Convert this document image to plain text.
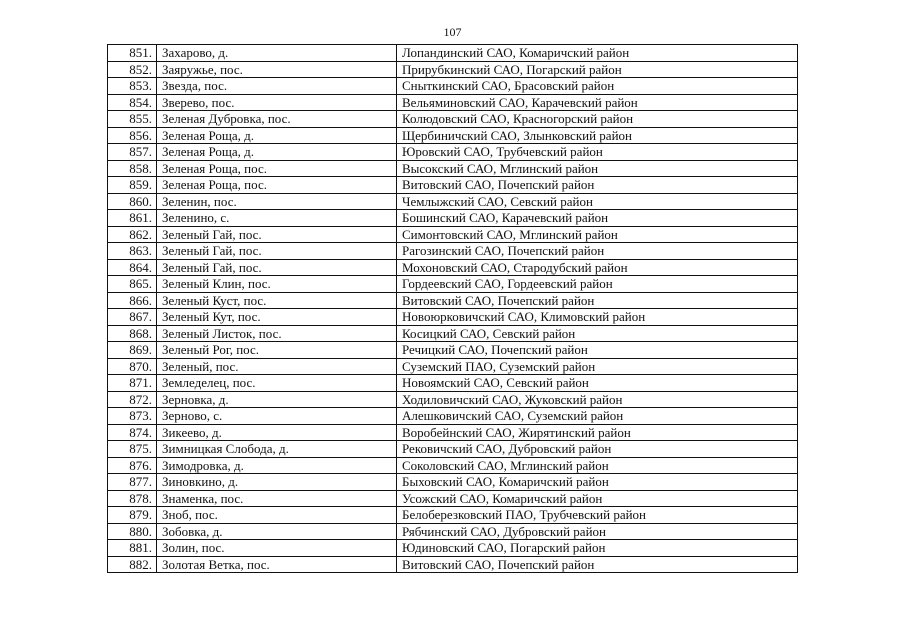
107
851.	Захарово, д.	Лопандинский САО, Комаричский район
852.	Заяружье, пос.	Прирубкинский САО, Погарский район
853.	Звезда, пос.	Сныткинский САО, Брасовский район
854.	Зверево, пос.	Вельяминовский САО, Карачевский район
855.	Зеленая Дубровка, пос.	Колюдовский САО, Красногорский район
856.	Зеленая Роща, д.	Щербиничский САО, Злынковский район
857.	Зеленая Роща, д.	Юровский САО, Трубчевский район
858.	Зеленая Роща, пос.	Высокский САО, Мглинский район
859.	Зеленая Роща, пос.	Витовский САО, Почепский район
860.	Зеленин, пос.	Чемлыжский САО, Севский район
861.	Зеленино, с.	Бошинский САО, Карачевский район
862.	Зеленый Гай, пос.	Симонтовский САО, Мглинский район
863.	Зеленый Гай, пос.	Рагозинский САО, Почепский район
864.	Зеленый Гай, пос.	Мохоновский САО, Стародубский район
865.	Зеленый Клин, пос.	Гордеевский САО, Гордеевский район
866.	Зеленый Куст, пос.	Витовский САО, Почепский район
867.	Зеленый Кут, пос.	Новоюрковичский САО, Климовский район
868.	Зеленый Листок, пос.	Косицкий САО, Севский район
869.	Зеленый Рог, пос.	Речицкий САО, Почепский район
870.	Зеленый, пос.	Суземский ПАО, Суземский район
871.	Земледелец, пос.	Новоямский САО, Севский район
872.	Зерновка, д.	Ходиловичский САО, Жуковский район
873.	Зерново, с.	Алешковичский САО, Суземский район
874.	Зикеево, д.	Воробейнский САО, Жирятинский район
875.	Зимницкая Слобода, д.	Рековичский САО, Дубровский район
876.	Зимодровка, д.	Соколовский САО, Мглинский район
877.	Зиновкино, д.	Быховский САО, Комаричский район
878.	Знаменка, пос.	Усожский САО, Комаричский район
879.	Зноб, пос.	Белоберезковский ПАО, Трубчевский район
880.	Зобовка, д.	Рябчинский САО, Дубровский район
881.	Золин, пос.	Юдиновский САО, Погарский район
882.	Золотая Ветка, пос.	Витовский САО, Почепский район
